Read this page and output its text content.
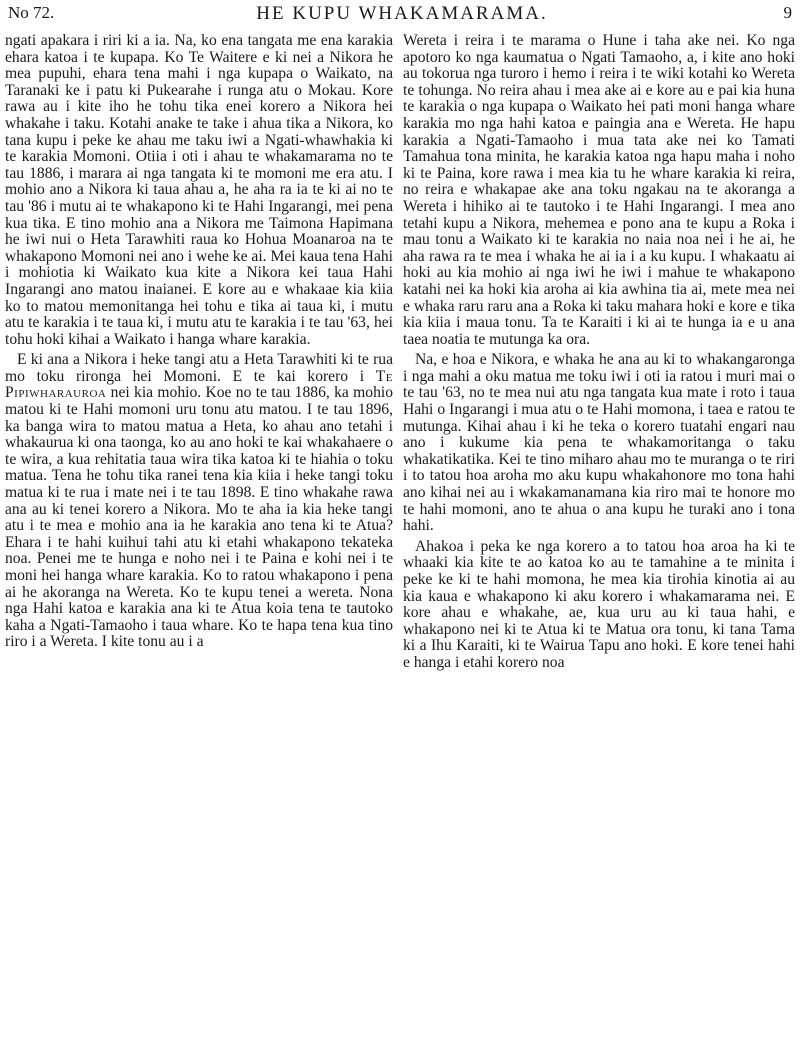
No 72.	HE KUPU WHAKAMARAMA.	9

ngati apakara i riri ki a ia. Na, ko ena tangata me ena karakia ehara katoa i te kupapa. Ko Te Waitere e ki nei a Nikora he mea pupuhi, ehara tena mahi i nga kupapa o Waikato, na Taranaki ke i patu ki Pukearahe i runga atu o Mokau. Kore rawa au i kite iho he tohu tika enei korero a Nikora hei whakahe i taku. Kotahi anake te take i ahua tika a Nikora, ko tana kupu i peke ke ahau me taku iwi a Ngati-whawhakia ki te karakia Momoni. Otiia i oti i ahau te whakamarama no te tau 1886, i marara ai nga tangata ki te momoni me era atu. I mohio ano a Nikora ki taua ahau a, he aha ra ia te ki ai no te tau '86 i mutu ai te whakapono ki te Hahi Ingarangi, mei pena kua tika. E tino mohio ana a Nikora me Taimona Hapimana he iwi nui o Heta Tarawhiti raua ko Hohua Moanaroa na te whakapono Momoni nei ano i wehe ke ai. Mei kaua tena Hahi i mohiotia ki Waikato kua kite a Nikora kei taua Hahi Ingarangi ano matou inaianei. E kore au e whakaae kia kiia ko to matou memonitanga hei tohu e tika ai taua ki, i mutu atu te karakia i te taua ki, i mutu atu te karakia i te tau '63, hei tohu hoki kihai a Waikato i hanga whare karakia.

E ki ana a Nikora i heke tangi atu a Heta Tarawhiti ki te rua mo toku rironga hei Momoni. E te kai korero i Te Pipiwharauroa nei kia mohio. Koe no te tau 1886, ka mohio matou ki te Hahi momoni uru tonu atu matou. I te tau 1896, ka banga wira to matou matua a Heta, ko ahau ano tetahi i whakaurua ki ona taonga, ko au ano hoki te kai whakahaere o te wira, a kua rehitatia taua wira tika katoa ki te hiahia o toku matua. Tena he tohu tika ranei tena kia kiia i heke tangi toku matua ki te rua i mate nei i te tau 1898. E tino whakahe rawa ana au ki tenei korero a Nikora. Mo te aha ia kia heke tangi atu i te mea e mohio ana ia he karakia ano tena ki te Atua? Ehara i te hahi kuihui tahi atu ki etahi whakapono tekateka noa. Penei me te hunga e noho nei i te Paina e kohi nei i te moni hei hanga whare karakia. Ko to ratou whakapono i pena ai he akoranga na Wereta. Ko te kupu tenei a wereta. Nona nga Hahi katoa e karakia ana ki te Atua koia tena te tautoko kaha a Ngati-Tamaoho i taua whare. Ko te hapa tena kua tino riro i a Wereta. I kite tonu au i a

Wereta i reira i te marama o Hune i taha ake nei. Ko nga apotoro ko nga kaumatua o Ngati Tamaoho, a, i kite ano hoki au tokorua nga turoro i hemo i reira i te wiki kotahi ko Wereta te tohunga. No reira ahau i mea ake ai e kore au e pai kia huna te karakia o nga kupapa o Waikato hei pati moni hanga whare karakia mo nga hahi katoa e paingia ana e Wereta. He hapu karakia a Ngati-Tamaoho i mua tata ake nei ko Tamati Tamahua tona minita, he karakia katoa nga hapu maha i noho ki te Paina, kore rawa i mea kia tu he whare karakia ki reira, no reira e whakapae ake ana toku ngakau na te akoranga a Wereta i hihiko ai te tautoko i te Hahi Ingarangi. I mea ano tetahi kupu a Nikora, mehemea e pono ana te kupu a Roka i mau tonu a Waikato ki te karakia no naia noa nei i he ai, he aha rawa ra te mea i whaka he ai ia i a ku kupu. I whakaatu ai hoki au kia mohio ai nga iwi he iwi i mahue te whakapono katahi nei ka hoki kia aroha ai kia awhina tia ai, mete mea nei e whaka raru raru ana a Roka ki taku mahara hoki e kore e tika kia kiia i maua tonu. Ta te Karaiti i ki ai te hunga ia e u ana taea noatia te mutunga ka ora.

Na, e hoa e Nikora, e whaka he ana au ki to whakangaronga i nga mahi a oku matua me toku iwi i oti ia ratou i muri mai o te tau '63, no te mea nui atu nga tangata kua mate i roto i taua Hahi o Ingarangi i mua atu o te Hahi momona, i taea e ratou te mutunga. Kihai ahau i ki he teka o korero tuatahi engari nau ano i kukume kia pena te whakamoritanga o taku whakatikatika. Kei te tino miharo ahau mo te muranga o te riri i to tatou hoa aroha mo aku kupu whakahonore mo tona hahi ano kihai nei au i wkakamanamana kia riro mai te honore mo te hahi momoni, ano te ahua o ana kupu he turaki ano i tona hahi.

Ahakoa i peka ke nga korero a to tatou hoa aroa ha ki te whaaki kia kite te ao katoa ko au te tamahine a te minita i peke ke ki te hahi momona, he mea kia tirohia kinotia ai au kia kaua e whakapono ki aku korero i whakamarama nei. E kore ahau e whakahe, ae, kua uru au ki taua hahi, e whakapono nei ki te Atua ki te Matua ora tonu, ki tana Tama ki a Ihu Karaiti, ki te Wairua Tapu ano hoki. E kore tenei hahi e hanga i etahi korero noa
